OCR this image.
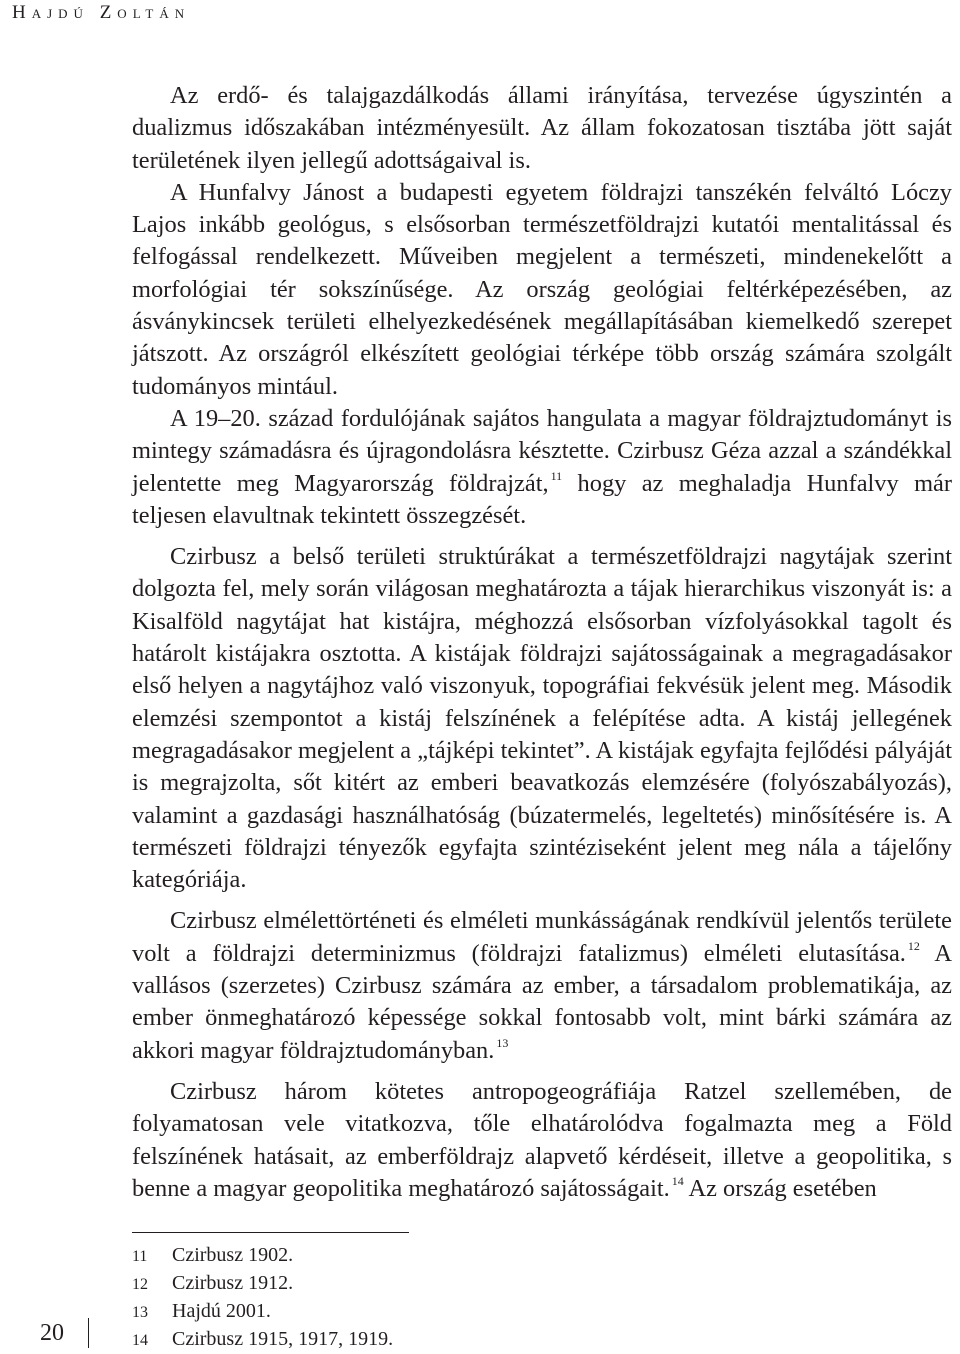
Hajdú Zoltán

Az erdő- és talajgazdálkodás állami irányítása, tervezése úgyszintén a dualizmus időszakában intézményesült. Az állam fokozatosan tisztába jött saját területének ilyen jellegű adottságaival is.

A Hunfalvy Jánost a budapesti egyetem földrajzi tanszékén felváltó Lóczy Lajos inkább geológus, s elsősorban természetföldrajzi kutatói mentalitással és felfogással rendelkezett. Műveiben megjelent a természeti, mindenekelőtt a morfológiai tér sokszínűsége. Az ország geológiai feltérképezésében, az ásványkincsek területi elhelyezkedésének megállapításában kiemelkedő szerepet játszott. Az országról elkészített geológiai térképe több ország számára szolgált tudományos mintául.

A 19–20. század fordulójának sajátos hangulata a magyar földrajztudományt is mintegy számadásra és újragondolásra késztette. Czirbusz Géza azzal a szándékkal jelentette meg Magyarország földrajzát, $^{11}$ hogy az meghaladja Hunfalvy már teljesen elavultnak tekintett összegzését.

Czirbusz a belső területi struktúrákat a természetföldrajzi nagytájak szerint dolgozta fel, mely során világosan meghatározta a tájak hierarchikus viszonyát is: a Kisalföld nagytájat hat kistájra, méghozzá elsősorban vízfolyásokkal tagolt és határolt kistájakra osztotta. A kistájak földrajzi sajátosságainak a megragadásakor első helyen a nagytájhoz való viszonyuk, topográfiai fekvésük jelent meg. Második elemzési szempontot a kistáj felszínének a felépítése adta. A kistáj jellegének megragadásakor megjelent a „tájképi tekintet”. A kistájak egyfajta fejlődési pályáját is megrajzolta, sőt kitért az emberi beavatkozás elemzésére (folyószabályozás), valamint a gazdasági használhatóság (búzatermelés, legeltetés) minősítésére is. A természeti földrajzi tényezők egyfajta szintéziseként jelent meg nála a tájelőny kategóriája.

Czirbusz elmélettörténeti és elméleti munkásságának rendkívül jelentős területe volt a földrajzi determinizmus (földrajzi fatalizmus) elméleti elutasítása. $^{12}$ A vallásos (szerzetes) Czirbusz számára az ember, a társadalom problematikája, az ember önmeghatározó képessége sokkal fontosabb volt, mint bárki számára az akkori magyar földrajztudományban. $^{13}$

Czirbusz három kötetes antropogeográfiája Ratzel szellemében, de folyamatosan vele vitatkozva, tőle elhatárolódva fogalmazta meg a Föld felszínének hatásait, az emberföldrajz alapvető kérdéseit, illetve a geopolitika, s benne a magyar geopolitika meghatározó sajátosságait. $^{14}$ Az ország esetében

11 Czirbusz 1902.
12 Czirbusz 1912.
13 Hajdú 2001.
14 Czirbusz 1915, 1917, 1919.
20
